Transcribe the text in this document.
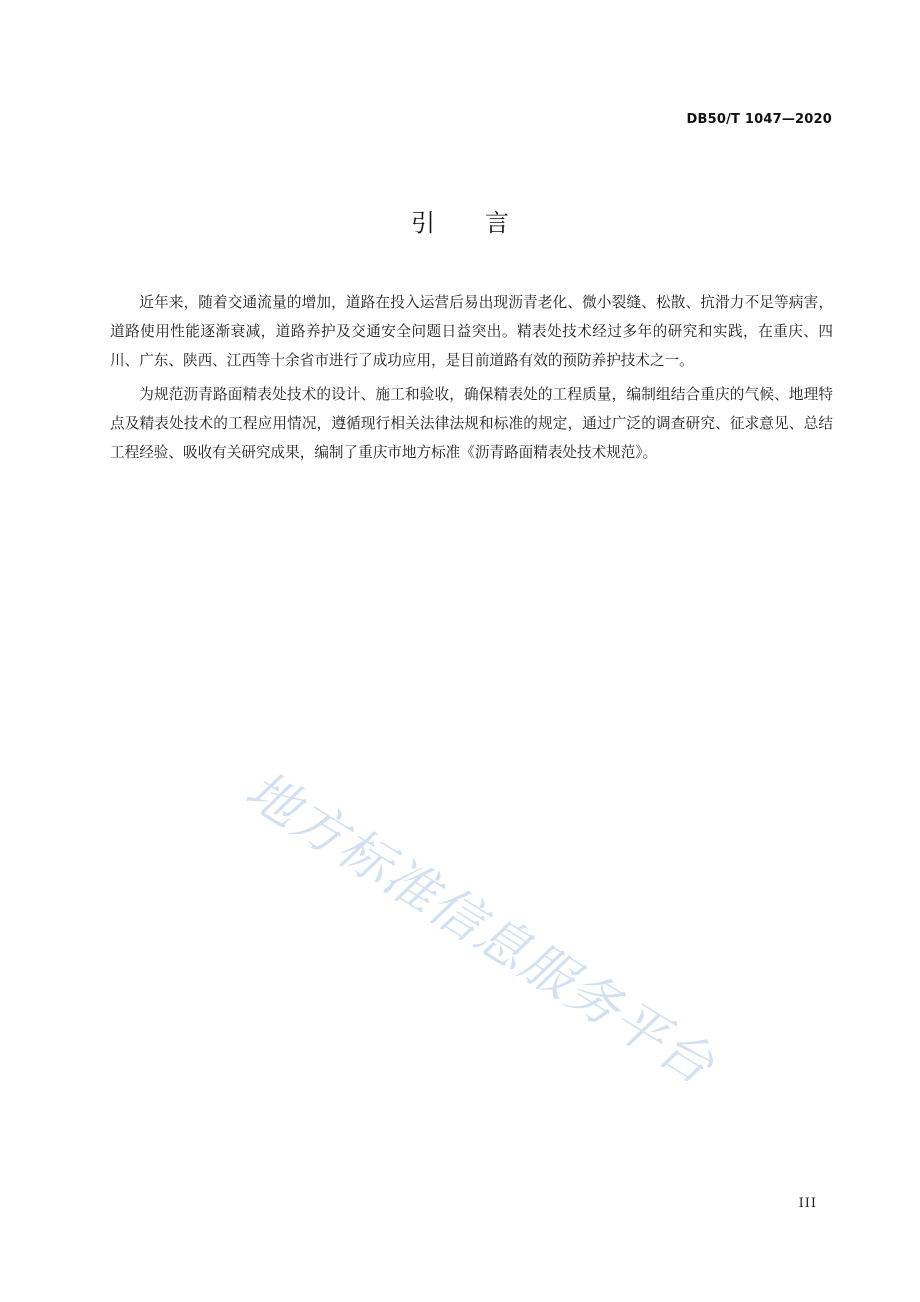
DB50/T 1047—2020
引言

近年来，随着交通流量的增加，道路在投入运营后易出现沥青老化、微小裂缝、松散、抗滑力不足等病害，道路使用性能逐渐衰减，道路养护及交通安全问题日益突出。精表处技术经过多年的研究和实践，在重庆、四川、广东、陕西、江西等十余省市进行了成功应用，是目前道路有效的预防养护技术之一。

为规范沥青路面精表处技术的设计、施工和验收，确保精表处的工程质量，编制组结合重庆的气候、地理特点及精表处技术的工程应用情况，遵循现行相关法律法规和标准的规定，通过广泛的调查研究、征求意见、总结工程经验、吸收有关研究成果，编制了重庆市地方标准《沥青路面精表处技术规范》。

地方标准信息服务平台
III
